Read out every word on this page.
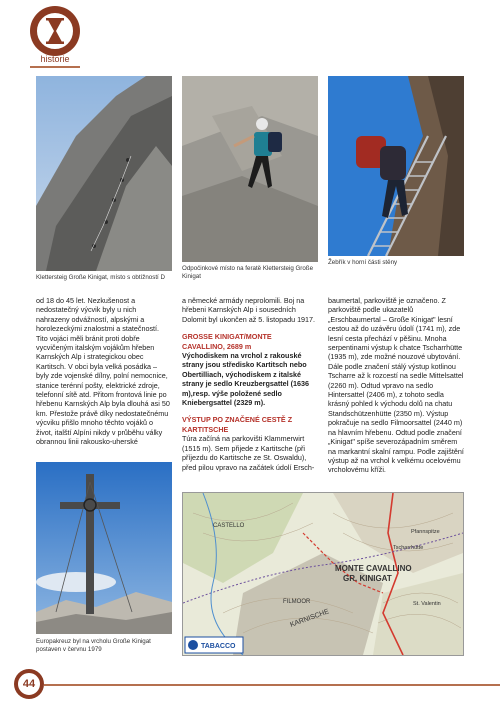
historie
Klettersteig Große Kinigat, místo s obtížností D
Odpočinkové místo na feratě Klettersteig Große Kinigat
Žebřík v horní části stěny

od 18 do 45 let. Nezkušenost a nedostatečný výcvik byly u nich nahrazeny odvážností, alpskými a horolezeckými znalostmi a statečností. Tito vojáci měli bránit proti dobře vycvičeným italským vojákům hřeben Karnských Alp i strategickou obec Kartitsch. V obci byla velká posádka – byly zde vojenské dílny, polní nemocnice, stanice terénní pošty, elektrické zdroje, telefonní sítě atd. Přitom frontová linie po hřebenu Karnských Alp byla dlouhá asi 50 km. Přestože právě díky nedostatečnému výcviku přišlo mnoho těchto vojáků o život, italští Alpíni nikdy v průběhu války obrannou linii rakousko-uherské

Europakreuz byl na vrcholu Große Kinigat postaven v červnu 1979

a německé armády neprolomili. Boj na hřebeni Karnských Alp i sousedních Dolomit byl ukončen až 5. listopadu 1917.

GROSSE KINIGAT/MONTE CAVALLINO, 2689 m

Východiskem na vrchol z rakouské strany jsou středisko Kartitsch nebo Obertilliach, východiskem z italské strany je sedlo Kreuzbergsattel (1636 m),resp. výše položené sedlo Kniebergsattel (2329 m).

VÝSTUP PO ZNAČENÉ CESTĚ Z KARTITSCHE

Túra začíná na parkovišti Klammerwirt (1515 m). Sem přijede z Kartitsche (při příjezdu do Kartitsche ze St. Oswaldu), před pilou vpravo na začátek údolí Ersch-

baumertal, parkoviště je označeno. Z parkoviště podle ukazatelů „Erschbaumertal – Große Kinigat" lesní cestou až do uzávěru údolí (1741 m), zde lesní cesta přechází v pěšinu. Mnoha serpentinami výstup k chatce Tscharrhütte (1935 m), zde možné nouzové ubytování. Dále podle značení stálý výstup kotlinou Tscharre až k rozcestí na sedle Mittelsattel (2260 m). Odtud vpravo na sedlo Hintersattel (2406 m), z tohoto sedla krásný pohled k východu dolů na chatu Standschützenhütte (2350 m). Výstup pokračuje na sedlo Filmoorsattel (2440 m) na hlavním hřebenu. Odtud podle značení „Kinigat" spíše severozápadním směrem na markantní skalní rampu. Podle zajištění výstup až na vrchol k velkému ocelovému vrcholovému kříži.

MONTE CAVALLINO
GR. KINIGAT
CASTELLO
FILMOOR
KARNISCHE
St. Valentin
Tscharrhütte
Pfannspitze
TABACCO
44
